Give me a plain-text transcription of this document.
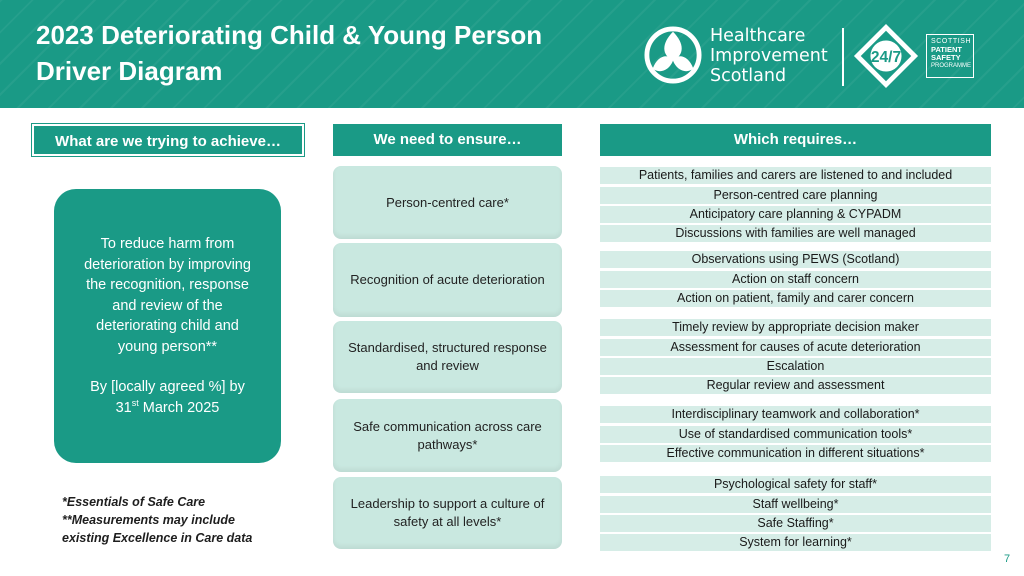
2023 Deteriorating Child & Young Person
Driver Diagram
Healthcare
Improvement
Scotland
24/7
SCOTTISH
PATIENT
SAFETY
PROGRAMME
What are we trying to achieve…	We need to ensure…	Which requires…
To reduce harm from
deterioration by improving
the recognition, response
and review of the
deteriorating child and
young person**
By [locally agreed %] by
31st March 2025
Person-centred care*
Recognition of acute deterioration
Standardised, structured response and review
Safe communication across care pathways*
Leadership to support a culture of safety at all levels*
Patients, families and carers are listened to and included
Person-centred care planning
Anticipatory care planning & CYPADM
Discussions with families are well managed
Observations using PEWS (Scotland)
Action on staff concern
Action on patient, family and carer concern
Timely review by appropriate decision maker
Assessment for causes of acute deterioration
Escalation
Regular review and assessment
Interdisciplinary teamwork and collaboration*
Use of standardised communication tools*
Effective communication in different situations*
Psychological safety for staff*
Staff wellbeing*
Safe Staffing*
System for learning*
*Essentials of Safe Care
**Measurements may include
existing Excellence in Care data
7
